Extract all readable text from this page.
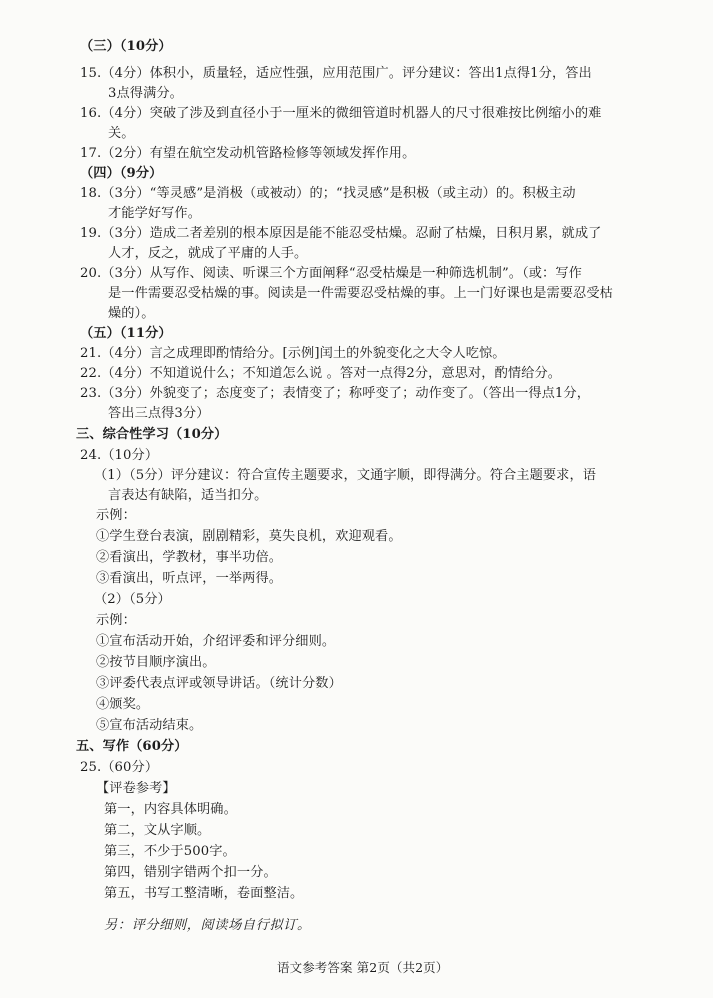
（三）（10分）
15.（4分）体积小，质量轻，适应性强，应用范围广。评分建议：答出1点得1分，答出
3点得满分。
16.（4分）突破了涉及到直径小于一厘米的微细管道时机器人的尺寸很难按比例缩小的难
关。
17.（2分）有望在航空发动机管路检修等领域发挥作用。
（四）（9分）
18.（3分）“等灵感”是消极（或被动）的；“找灵感”是积极（或主动）的。积极主动
才能学好写作。
19.（3分）造成二者差别的根本原因是能不能忍受枯燥。忍耐了枯燥，日积月累，就成了
人才，反之，就成了平庸的人手。
20.（3分）从写作、阅读、听课三个方面阐释“忍受枯燥是一种筛选机制”。（或：写作
是一件需要忍受枯燥的事。阅读是一件需要忍受枯燥的事。上一门好课也是需要忍受枯
燥的）。
（五）（11分）
21.（4分）言之成理即酌情给分。[示例]闰土的外貌变化之大令人吃惊。
22.（4分）不知道说什么；不知道怎么说 。答对一点得2分，意思对，酌情给分。
23.（3分）外貌变了；态度变了；表情变了；称呼变了；动作变了。（答出一得点1分，
答出三点得3分）
三、综合性学习（10分）
24.（10分）
（1）（5分）评分建议：符合宣传主题要求，文通字顺，即得满分。符合主题要求，语
言表达有缺陷，适当扣分。
示例：
①学生登台表演，剧剧精彩，莫失良机，欢迎观看。
②看演出，学教材，事半功倍。
③看演出，听点评，一举两得。
（2）（5分）
示例：
①宣布活动开始，介绍评委和评分细则。
②按节目顺序演出。
③评委代表点评或领导讲话。（统计分数）
④颁奖。
⑤宣布活动结束。
五、写作（60分）
25.（60分）
【评卷参考】
第一，内容具体明确。
第二，文从字顺。
第三，不少于500字。
第四，错别字错两个扣一分。
第五，书写工整清晰，卷面整洁。
另：评分细则，阅读场自行拟订。
语文参考答案 第2页（共2页）
